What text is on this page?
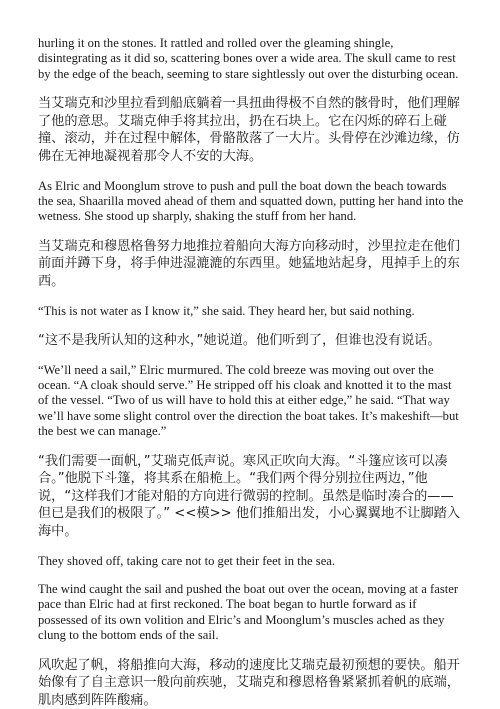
hurling it on the stones. It rattled and rolled over the gleaming shingle, disintegrating as it did so, scattering bones over a wide area. The skull came to rest by the edge of the beach, seeming to stare sightlessly out over the disturbing ocean.

当艾瑞克和沙里拉看到船底躺着一具扭曲得极不自然的骸骨时，他们理解了他的意思。艾瑞克伸手将其拉出，扔在石块上。它在闪烁的碎石上碰撞、滚动，并在过程中解体，骨骼散落了一大片。头骨停在沙滩边缘，仿佛在无神地凝视着那令人不安的大海。

As Elric and Moonglum strove to push and pull the boat down the beach towards the sea, Shaarilla moved ahead of them and squatted down, putting her hand into the wetness. She stood up sharply, shaking the stuff from her hand.

当艾瑞克和穆恩格鲁努力地推拉着船向大海方向移动时，沙里拉走在他们前面并蹲下身，将手伸进湿漉漉的东西里。她猛地站起身，甩掉手上的东西。

“This is not water as I know it,” she said. They heard her, but said nothing.

“这不是我所认知的这种水，”她说道。他们听到了，但谁也没有说话。

“We’ll need a sail,” Elric murmured. The cold breeze was moving out over the ocean. “A cloak should serve.” He stripped off his cloak and knotted it to the mast of the vessel. “Two of us will have to hold this at either edge,” he said. “That way we’ll have some slight control over the direction the boat takes. It’s makeshift—but the best we can manage.”

“我们需要一面帆，”艾瑞克低声说。寒风正吹向大海。“斗篷应该可以凑合。”他脱下斗篷，将其系在船桅上。“我们两个得分别拉住两边，”他说，“这样我们才能对船的方向进行微弱的控制。虽然是临时凑合的——但已是我们的极限了。” <<模>> 他们推船出发，小心翼翼地不让脚踏入海中。

They shoved off, taking care not to get their feet in the sea.

The wind caught the sail and pushed the boat out over the ocean, moving at a faster pace than Elric had at first reckoned. The boat began to hurtle forward as if possessed of its own volition and Elric’s and Moonglum’s muscles ached as they clung to the bottom ends of the sail.

风吹起了帆，将船推向大海，移动的速度比艾瑞克最初预想的要快。船开始像有了自主意识一般向前疾驰，艾瑞克和穆恩格鲁紧紧抓着帆的底端，肌肉感到阵阵酸痛。
